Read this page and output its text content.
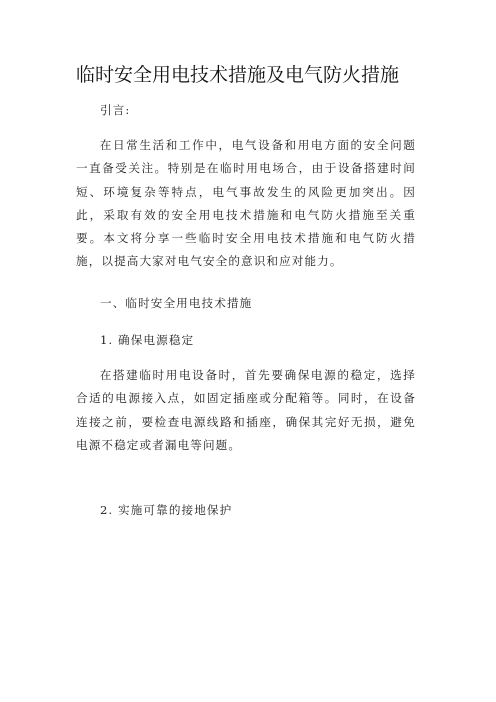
临时安全用电技术措施及电气防火措施
引言:
在日常生活和工作中，电气设备和用电方面的安全问题一直备受关注。特别是在临时用电场合，由于设备搭建时间短、环境复杂等特点，电气事故发生的风险更加突出。因此，采取有效的安全用电技术措施和电气防火措施至关重要。本文将分享一些临时安全用电技术措施和电气防火措施，以提高大家对电气安全的意识和应对能力。
一、临时安全用电技术措施
1. 确保电源稳定
在搭建临时用电设备时，首先要确保电源的稳定，选择合适的电源接入点，如固定插座或分配箱等。同时，在设备连接之前，要检查电源线路和插座，确保其完好无损，避免电源不稳定或者漏电等问题。
2. 实施可靠的接地保护
